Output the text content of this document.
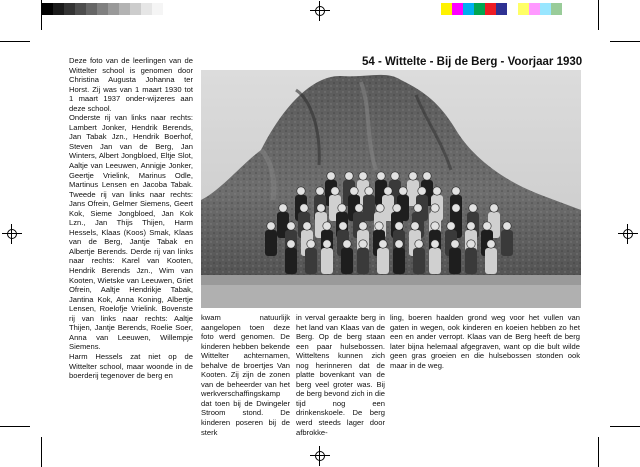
54 - Wittelte - Bij de Berg - Voorjaar 1930

Deze foto van de leerlingen van de Wittelter school is genomen door Christina Augusta Johanna ter Horst. Zij was van 1 maart 1930 tot 1 maart 1937 onder-wijzeres aan deze school.

Onderste rij van links naar rechts: Lambert Jonker, Hendrik Berends, Jan Tabak Jzn., Hendrik Boerhof, Steven Jan van de Berg, Jan Winters, Albert Jongbloed, Eltje Slot, Aaltje van Leeuwen, Annigje Jonker, Geertje Vrielink, Marinus Odle, Martinus Lensen en Jacoba Tabak. Tweede rij van links naar rechts: Jans Ofrein, Gelmer Siemens, Geert Kok, Sieme Jongbloed, Jan Kok Lzn., Jan Thijs Thijen, Harm Hessels, Klaas (Koos) Smak, Klaas van de Berg, Jantje Tabak en Albertje Berends. Derde rij van links naar rechts: Karel van Kooten, Hendrik Berends Jzn., Wim van Kooten, Wietske van Leeuwen, Griet Ofrein, Aaltje Hendrikje Tabak, Jantina Kok, Anna Koning, Albertje Lensen, Roelofje Vrielink. Bovenste rij van links naar rechts: Aaltje Thijen, Jantje Berends, Roelie Soer, Anna van Leeuwen, Willempje Siemens.

Harm Hessels zat niet op de Wittelter school, maar woonde in de boerderij tegenover de berg en

kwam natuurlijk aangelopen toen deze foto werd genomen. De kinderen hebben bekende Wittelter achternamen, behalve de broertjes Van Kooten. Zij zijn de zonen van de beheerder van het werkverschaffingskamp dat toen bij de Dwingeler Stroom stond. De kinderen poseren bij de sterk
in verval geraakte berg in het land van Klaas van de Berg. Op de berg staan een paar hulsebossen. Witteltens kunnen zich nog herinneren dat de platte bovenkant van de berg veel groter was. Bij de berg bevond zich in die tijd nog een drinkenskoele. De berg werd steeds lager door afbrokke-
ling, boeren haalden grond weg voor het vullen van gaten in wegen, ook kinderen en koeien hebben zo het een en ander verropt. Klaas van de Berg heeft de berg later bijna helemaal afgegraven, want op die bult wilde geen gras groeien en die hulsebossen stonden ook maar in de weg.
